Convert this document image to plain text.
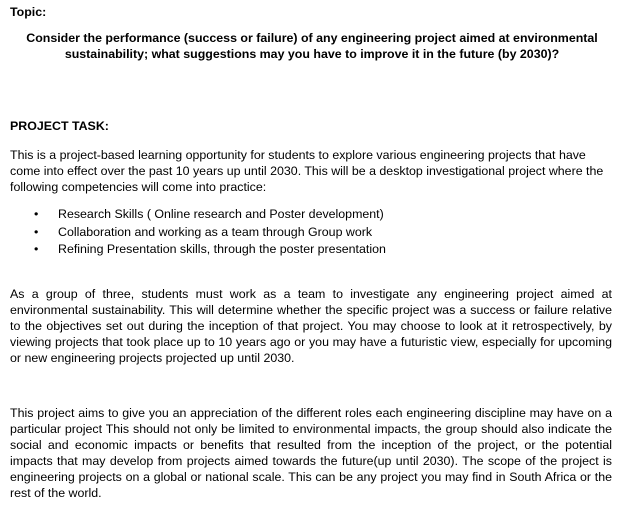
Topic:
Consider the performance (success or failure) of any engineering project aimed at environmental sustainability; what suggestions may you have to improve it in the future (by 2030)?
PROJECT TASK:
This is a project-based learning opportunity for students to explore various engineering projects that have come into effect over the past 10 years up until 2030. This will be a desktop investigational project where the following competencies will come into practice:
• Research Skills ( Online research and Poster development)
• Collaboration and working as a team through Group work
• Refining Presentation skills, through the poster presentation
As a group of three, students must work as a team to investigate any engineering project aimed at environmental sustainability. This will determine whether the specific project was a success or failure relative to the objectives set out during the inception of that project. You may choose to look at it retrospectively, by viewing projects that took place up to 10 years ago or you may have a futuristic view, especially for upcoming or new engineering projects projected up until 2030.
This project aims to give you an appreciation of the different roles each engineering discipline may have on a particular project This should not only be limited to environmental impacts, the group should also indicate the social and economic impacts or benefits that resulted from the inception of the project, or the potential impacts that may develop from projects aimed towards the future(up until 2030). The scope of the project is engineering projects on a global or national scale. This can be any project you may find in South Africa or the rest of the world.
